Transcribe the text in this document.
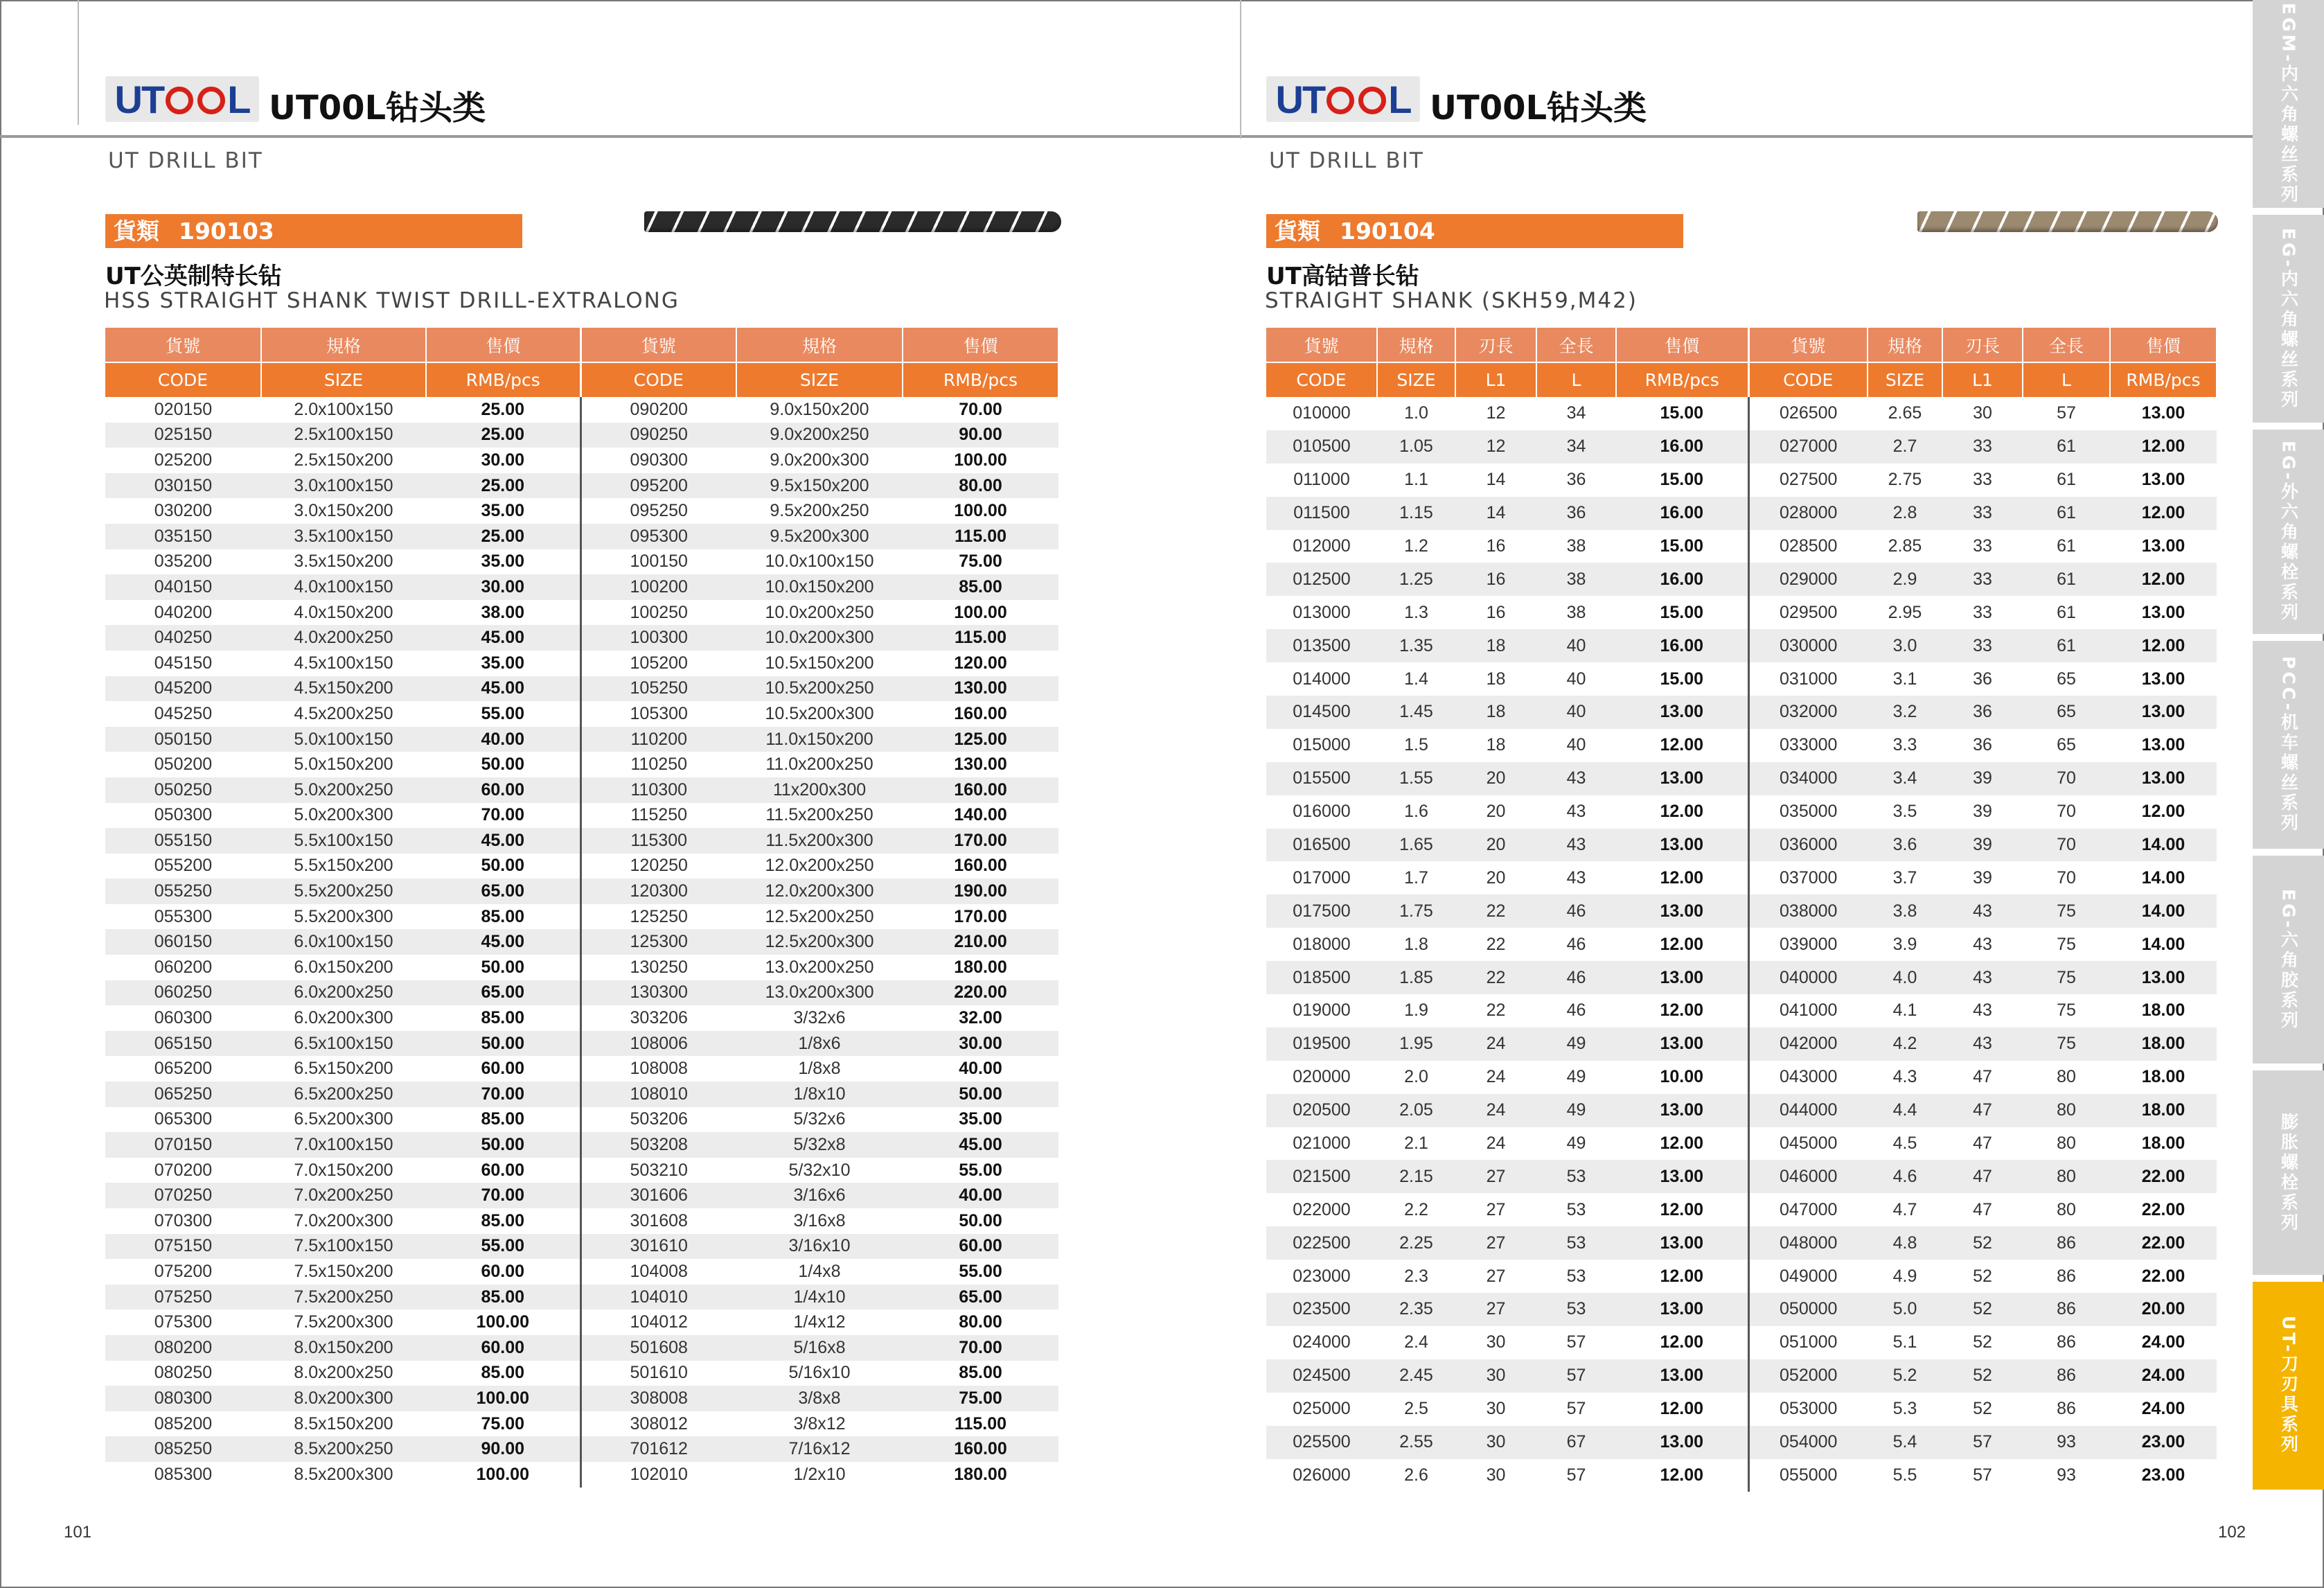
U T L UT00L钻头类
UT DRILL BIT
貨類 190103
UT公英制特长钻
HSS STRAIGHT SHANK TWIST DRILL-EXTRALONG
貨號	規格	售價	貨號	規格	售價
CODE	SIZE	RMB/pcs	CODE	SIZE	RMB/pcs
020150	2.0x100x150	25.00	090200	9.0x150x200	70.00
025150	2.5x100x150	25.00	090250	9.0x200x250	90.00
025200	2.5x150x200	30.00	090300	9.0x200x300	100.00
030150	3.0x100x150	25.00	095200	9.5x150x200	80.00
030200	3.0x150x200	35.00	095250	9.5x200x250	100.00
035150	3.5x100x150	25.00	095300	9.5x200x300	115.00
035200	3.5x150x200	35.00	100150	10.0x100x150	75.00
040150	4.0x100x150	30.00	100200	10.0x150x200	85.00
040200	4.0x150x200	38.00	100250	10.0x200x250	100.00
040250	4.0x200x250	45.00	100300	10.0x200x300	115.00
045150	4.5x100x150	35.00	105200	10.5x150x200	120.00
045200	4.5x150x200	45.00	105250	10.5x200x250	130.00
045250	4.5x200x250	55.00	105300	10.5x200x300	160.00
050150	5.0x100x150	40.00	110200	11.0x150x200	125.00
050200	5.0x150x200	50.00	110250	11.0x200x250	130.00
050250	5.0x200x250	60.00	110300	11x200x300	160.00
050300	5.0x200x300	70.00	115250	11.5x200x250	140.00
055150	5.5x100x150	45.00	115300	11.5x200x300	170.00
055200	5.5x150x200	50.00	120250	12.0x200x250	160.00
055250	5.5x200x250	65.00	120300	12.0x200x300	190.00
055300	5.5x200x300	85.00	125250	12.5x200x250	170.00
060150	6.0x100x150	45.00	125300	12.5x200x300	210.00
060200	6.0x150x200	50.00	130250	13.0x200x250	180.00
060250	6.0x200x250	65.00	130300	13.0x200x300	220.00
060300	6.0x200x300	85.00	303206	3/32x6	32.00
065150	6.5x100x150	50.00	108006	1/8x6	30.00
065200	6.5x150x200	60.00	108008	1/8x8	40.00
065250	6.5x200x250	70.00	108010	1/8x10	50.00
065300	6.5x200x300	85.00	503206	5/32x6	35.00
070150	7.0x100x150	50.00	503208	5/32x8	45.00
070200	7.0x150x200	60.00	503210	5/32x10	55.00
070250	7.0x200x250	70.00	301606	3/16x6	40.00
070300	7.0x200x300	85.00	301608	3/16x8	50.00
075150	7.5x100x150	55.00	301610	3/16x10	60.00
075200	7.5x150x200	60.00	104008	1/4x8	55.00
075250	7.5x200x250	85.00	104010	1/4x10	65.00
075300	7.5x200x300	100.00	104012	1/4x12	80.00
080200	8.0x150x200	60.00	501608	5/16x8	70.00
080250	8.0x200x250	85.00	501610	5/16x10	85.00
080300	8.0x200x300	100.00	308008	3/8x8	75.00
085200	8.5x150x200	75.00	308012	3/8x12	115.00
085250	8.5x200x250	90.00	701612	7/16x12	160.00
085300	8.5x200x300	100.00	102010	1/2x10	180.00
101
U T L UT00L钻头类
UT DRILL BIT
貨類 190104
UT高钴普长钻
STRAIGHT SHANK (SKH59,M42)
貨號	規格	刃長	全長	售價	貨號	規格	刃長	全長	售價
CODE	SIZE	L1	L	RMB/pcs	CODE	SIZE	L1	L	RMB/pcs
010000	1.0	12	34	15.00	026500	2.65	30	57	13.00
010500	1.05	12	34	16.00	027000	2.7	33	61	12.00
011000	1.1	14	36	15.00	027500	2.75	33	61	13.00
011500	1.15	14	36	16.00	028000	2.8	33	61	12.00
012000	1.2	16	38	15.00	028500	2.85	33	61	13.00
012500	1.25	16	38	16.00	029000	2.9	33	61	12.00
013000	1.3	16	38	15.00	029500	2.95	33	61	13.00
013500	1.35	18	40	16.00	030000	3.0	33	61	12.00
014000	1.4	18	40	15.00	031000	3.1	36	65	13.00
014500	1.45	18	40	13.00	032000	3.2	36	65	13.00
015000	1.5	18	40	12.00	033000	3.3	36	65	13.00
015500	1.55	20	43	13.00	034000	3.4	39	70	13.00
016000	1.6	20	43	12.00	035000	3.5	39	70	12.00
016500	1.65	20	43	13.00	036000	3.6	39	70	14.00
017000	1.7	20	43	12.00	037000	3.7	39	70	14.00
017500	1.75	22	46	13.00	038000	3.8	43	75	14.00
018000	1.8	22	46	12.00	039000	3.9	43	75	14.00
018500	1.85	22	46	13.00	040000	4.0	43	75	13.00
019000	1.9	22	46	12.00	041000	4.1	43	75	18.00
019500	1.95	24	49	13.00	042000	4.2	43	75	18.00
020000	2.0	24	49	10.00	043000	4.3	47	80	18.00
020500	2.05	24	49	13.00	044000	4.4	47	80	18.00
021000	2.1	24	49	12.00	045000	4.5	47	80	18.00
021500	2.15	27	53	13.00	046000	4.6	47	80	22.00
022000	2.2	27	53	12.00	047000	4.7	47	80	22.00
022500	2.25	27	53	13.00	048000	4.8	52	86	22.00
023000	2.3	27	53	12.00	049000	4.9	52	86	22.00
023500	2.35	27	53	13.00	050000	5.0	52	86	20.00
024000	2.4	30	57	12.00	051000	5.1	52	86	24.00
024500	2.45	30	57	13.00	052000	5.2	52	86	24.00
025000	2.5	30	57	12.00	053000	5.3	52	86	24.00
025500	2.55	30	67	13.00	054000	5.4	57	93	23.00
026000	2.6	30	57	12.00	055000	5.5	57	93	23.00
102
EGM-内六角螺丝系列
EG-内六角螺丝系列
EG-外六角螺栓系列
PCC-机车螺丝系列
EG-六角胶系列
膨胀螺栓系列
UT-刀刃具系列
